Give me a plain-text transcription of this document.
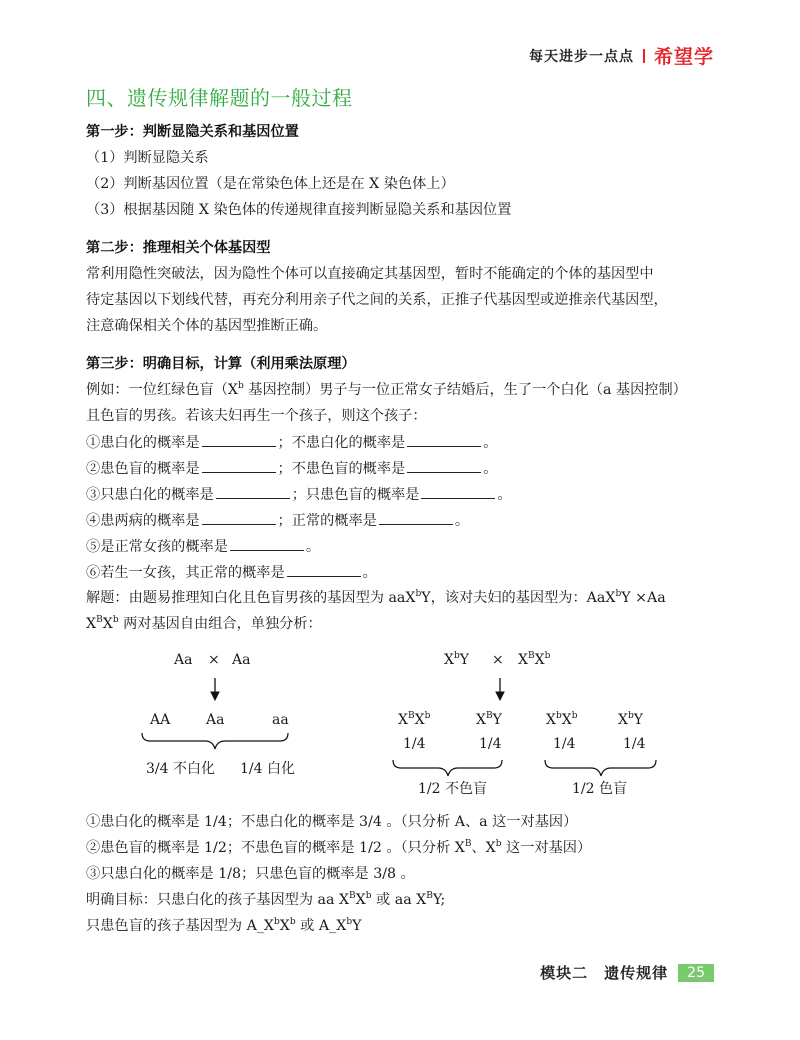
每天进步一点点 希望学
四、遗传规律解题的一般过程
第一步：判断显隐关系和基因位置
（1）判断显隐关系
（2）判断基因位置（是在常染色体上还是在 X 染色体上）
（3）根据基因随 X 染色体的传递规律直接判断显隐关系和基因位置
第二步：推理相关个体基因型
常利用隐性突破法，因为隐性个体可以直接确定其基因型，暂时不能确定的个体的基因型中
待定基因以下划线代替，再充分利用亲子代之间的关系，正推子代基因型或逆推亲代基因型，
注意确保相关个体的基因型推断正确。
第三步：明确目标，计算（利用乘法原理）
例如：一位红绿色盲（$X^b$ 基因控制）男子与一位正常女子结婚后，生了一个白化（a 基因控制）
且色盲的男孩。若该夫妇再生一个孩子，则这个孩子：
①患白化的概率是	；不患白化的概率是	。
②患色盲的概率是	；不患色盲的概率是	。
③只患白化的概率是	；只患色盲的概率是	。
④患两病的概率是	；正常的概率是	。
⑤是正常女孩的概率是	。
⑥若生一女孩，其正常的概率是	。
解题：由题易推理知白化且色盲男孩的基因型为 aaX$^b$Y，该对夫妇的基因型为：AaX$^b$Y ×Aa
$X^BX^b$ 两对基因自由组合，单独分析：
Aa × Aa
AA	Aa	aa
3/4 不白化 1/4 白化
$X^bY \times X^BX^b$
$X^BX^b$	$X^BY$	$X^bX^b$	$X^bY$
1/4	1/4	1/4	1/4
1/2 不色盲	1/2 色盲
①患白化的概率是 1/4；不患白化的概率是 3/4 。（只分析 A、a 这一对基因）
②患色盲的概率是 1/2；不患色盲的概率是 1/2 。（只分析 $X^B$、$X^b$ 这一对基因）
③只患白化的概率是 1/8；只患色盲的概率是 3/8 。
明确目标：只患白化的孩子基因型为 aa $X^BX^b$ 或 aa $X^BY$;
只患色盲的孩子基因型为 $A\_X^bX^b$ 或 $A\_X^bY$
模块二　遗传规律	25
